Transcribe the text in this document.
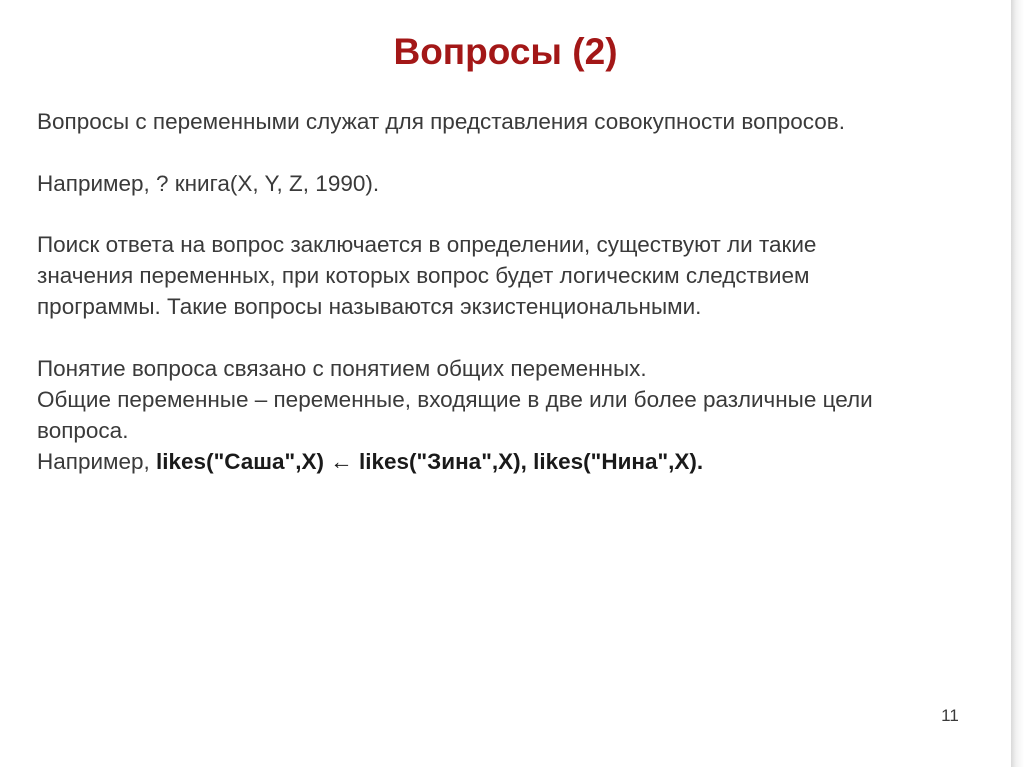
Вопросы (2)
Вопросы с переменными служат для представления совокупности вопросов.
Например, ? книга(X, Y, Z, 1990).
Поиск ответа на вопрос заключается в определении, существуют ли такие
значения переменных, при которых вопрос будет логическим следствием
программы. Такие вопросы называются экзистенциональными.
Понятие вопроса связано с понятием общих переменных.
Общие переменные – переменные, входящие в две или более различные цели
вопроса.
Например, likes("Саша",X) ← likes("Зина",X), likes("Нина",X).
11
